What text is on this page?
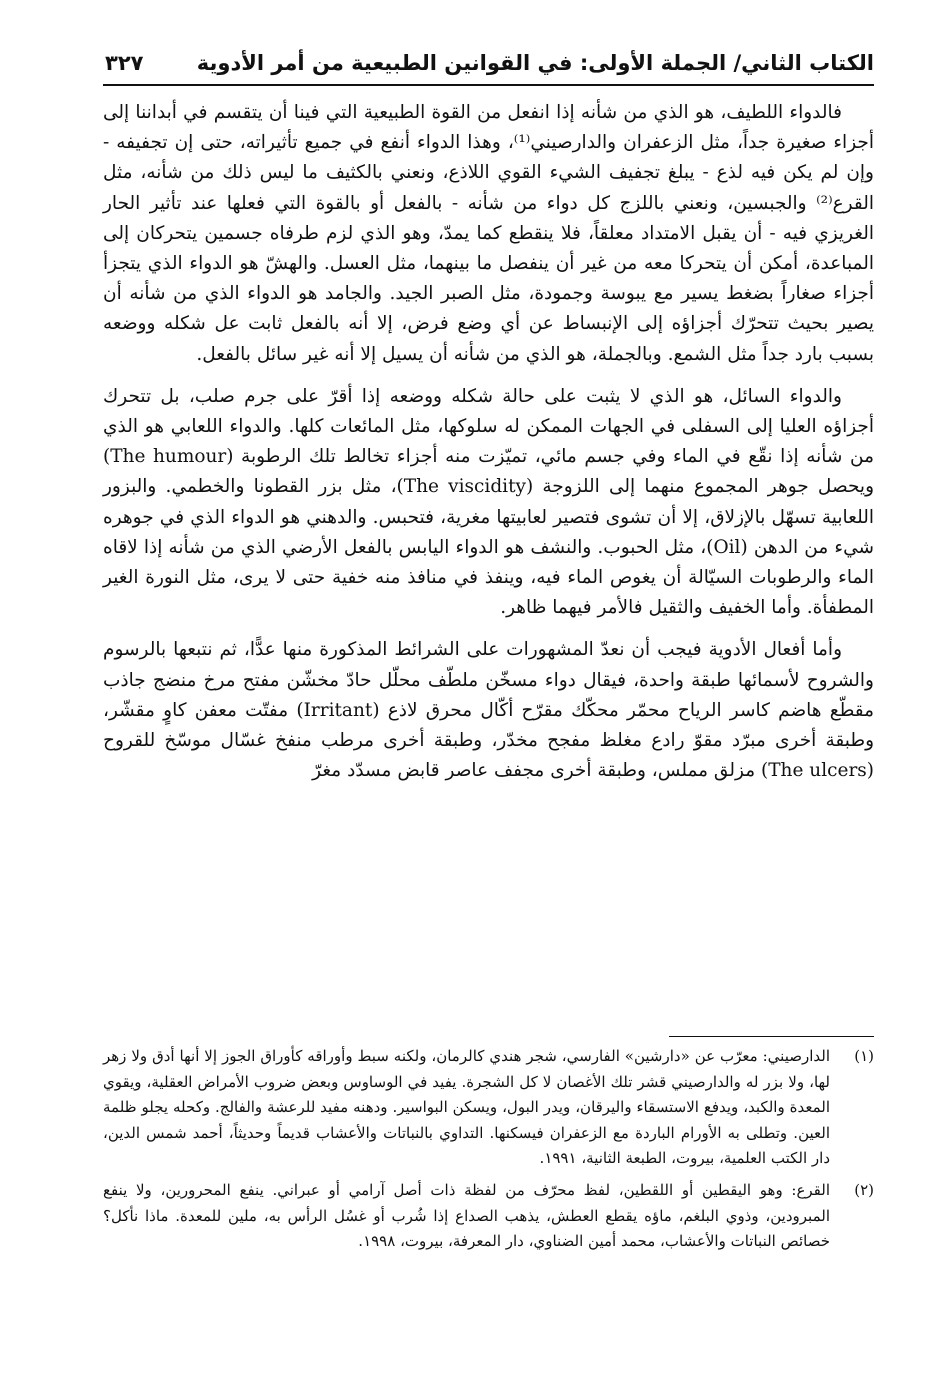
الكتاب الثاني/ الجملة الأولى: في القوانين الطبيعية من أمر الأدوية
٣٢٧

فالدواء اللطيف، هو الذي من شأنه إذا انفعل من القوة الطبيعية التي فينا أن يتقسم في أبداننا إلى أجزاء صغيرة جداً، مثل الزعفران والدارصيني⁽¹⁾، وهذا الدواء أنفع في جميع تأثيراته، حتى إن تجفيفه - وإن لم يكن فيه لذع - يبلغ تجفيف الشيء القوي اللاذع، ونعني بالكثيف ما ليس ذلك من شأنه، مثل القرع⁽²⁾ والجبسين، ونعني باللزج كل دواء من شأنه - بالفعل أو بالقوة التي فعلها عند تأثير الحار الغريزي فيه - أن يقبل الامتداد معلقاً، فلا ينقطع كما يمدّ، وهو الذي لزم طرفاه جسمين يتحركان إلى المباعدة، أمكن أن يتحركا معه من غير أن ينفصل ما بينهما، مثل العسل. والهشّ هو الدواء الذي يتجزأ أجزاء صغاراً بضغط يسير مع يبوسة وجمودة، مثل الصبر الجيد. والجامد هو الدواء الذي من شأنه أن يصير بحيث تتحرّك أجزاؤه إلى الإنبساط عن أي وضع فرض، إلا أنه بالفعل ثابت عل شكله ووضعه بسبب بارد جداً مثل الشمع. وبالجملة، هو الذي من شأنه أن يسيل إلا أنه غير سائل بالفعل.

والدواء السائل، هو الذي لا يثبت على حالة شكله ووضعه إذا أقرّ على جرم صلب، بل تتحرك أجزاؤه العليا إلى السفلى في الجهات الممكن له سلوكها، مثل المائعات كلها. والدواء اللعابي هو الذي من شأنه إذا نقّع في الماء وفي جسم مائي، تميّزت منه أجزاء تخالط تلك الرطوبة (The humour) ويحصل جوهر المجموع منهما إلى اللزوجة (The viscidity)، مثل بزر القطونا والخطمي. والبزور اللعابية تسهّل بالإزلاق، إلا أن تشوى فتصير لعابيتها مغرية، فتحبس. والدهني هو الدواء الذي في جوهره شيء من الدهن (Oil)، مثل الحبوب. والنشف هو الدواء اليابس بالفعل الأرضي الذي من شأنه إذا لاقاه الماء والرطوبات السيّالة أن يغوص الماء فيه، وينفذ في منافذ منه خفية حتى لا يرى، مثل النورة الغير المطفأة. وأما الخفيف والثقيل فالأمر فيهما ظاهر.

وأما أفعال الأدوية فيجب أن نعدّ المشهورات على الشرائط المذكورة منها عدًّا، ثم نتبعها بالرسوم والشروح لأسمائها طبقة واحدة، فيقال دواء مسخّن ملطّف محلّل حادّ مخشّن مفتح مرخ منضج جاذب مقطّع هاضم كاسر الرياح محمّر محكّك مقرّح أكّال محرق لاذع (Irritant) مفتّت معفن كاوٍ مقشّر، وطبقة أخرى مبرّد مقوّ رادع مغلظ مفجح مخدّر، وطبقة أخرى مرطب منفخ غسّال موسّخ للقروح (The ulcers) مزلق مملس، وطبقة أخرى مجفف عاصر قابض مسدّد مغرّ

(١)
الدارصيني: معرّب عن «دارشين» الفارسي، شجر هندي كالرمان، ولكنه سبط وأوراقه كأوراق الجوز إلا أنها أدق ولا زهر لها، ولا بزر له والدارصيني قشر تلك الأغصان لا كل الشجرة. يفيد في الوساوس وبعض ضروب الأمراض العقلية، ويقوي المعدة والكبد، ويدفع الاستسقاء واليرقان، ويدر البول، ويسكن البواسير. ودهنه مفيد للرعشة والفالج. وكحله يجلو ظلمة العين. وتطلى به الأورام الباردة مع الزعفران فيسكنها. التداوي بالنباتات والأعشاب قديماً وحديثاً، أحمد شمس الدين، دار الكتب العلمية، بيروت، الطبعة الثانية، ١٩٩١.
(٢)
القرع: وهو اليقطين أو اللقطين، لفظ محرّف من لفظة ذات أصل آرامي أو عبراني. ينفع المحرورين، ولا ينفع المبرودين، وذوي البلغم، ماؤه يقطع العطش، يذهب الصداع إذا شُرب أو غسُل الرأس به، ملين للمعدة. ماذا نأكل؟ خصائص النباتات والأعشاب، محمد أمين الضناوي، دار المعرفة، بيروت، ١٩٩٨.
